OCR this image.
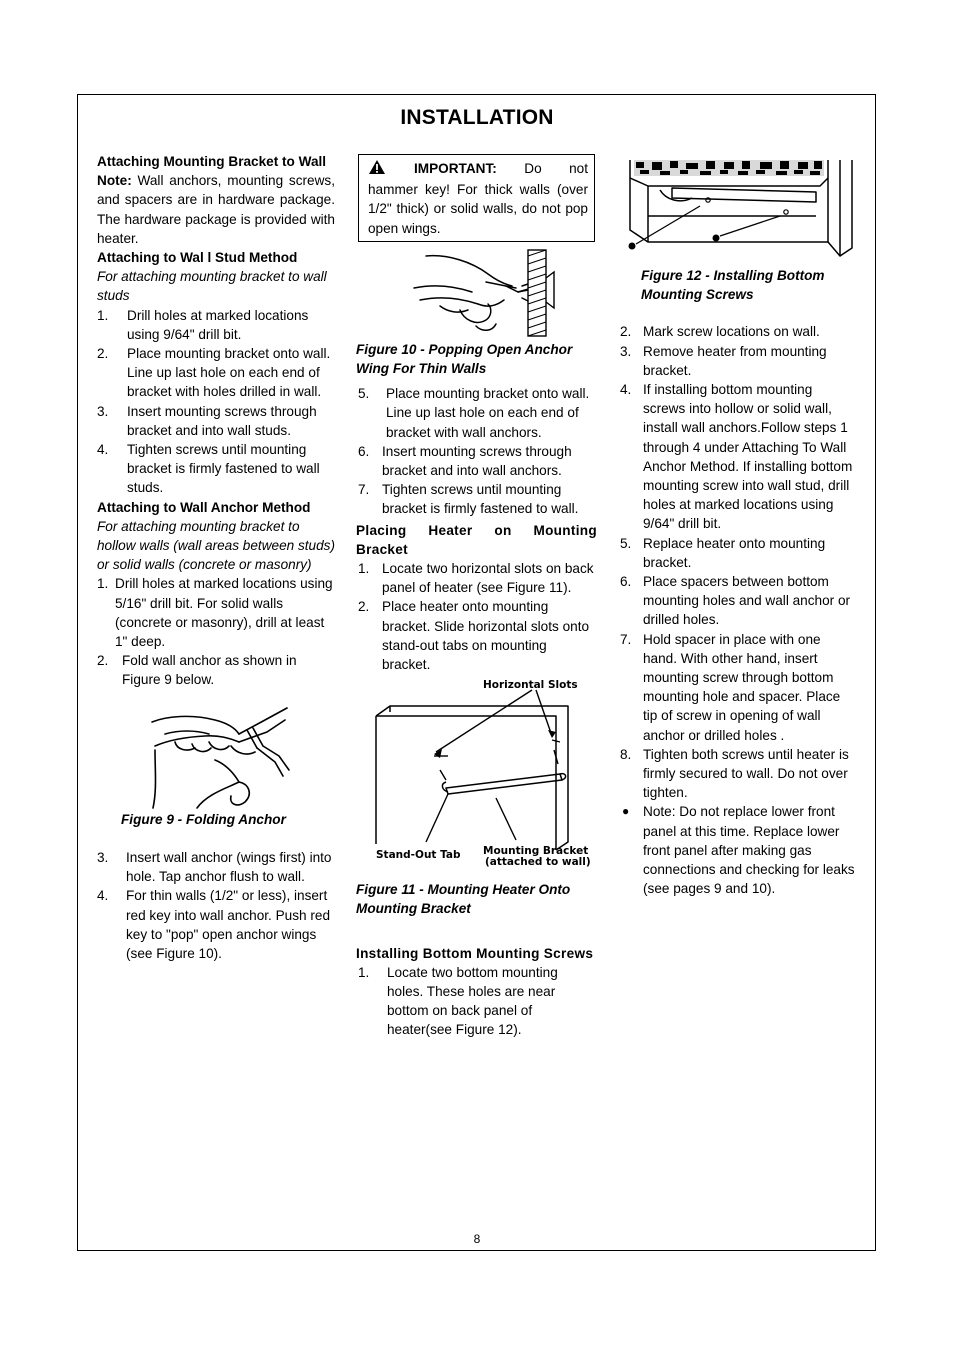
INSTALLATION

Attaching Mounting Bracket to Wall

Note: Wall anchors, mounting screws, and spacers are in hardware package. The hardware package is provided with heater.

Attaching to Wal l Stud Method

For attaching mounting bracket to wall studs

1. Drill holes at marked locations using 9/64" drill bit.
2. Place mounting bracket onto wall. Line up last hole on each end of bracket with holes drilled in wall.
3. Insert mounting screws through bracket and into wall studs.
4. Tighten screws until mounting bracket is firmly fastened to wall studs.

Attaching to Wall Anchor Method

For attaching mounting bracket to hollow walls (wall areas between studs) or solid walls (concrete or masonry)

1. Drill holes at marked locations using 5/16" drill bit. For solid walls (concrete or masonry), drill at least 1" deep.
2. Fold wall anchor as shown in Figure 9 below.

Figure 9 - Folding Anchor

3. Insert wall anchor (wings first) into hole. Tap anchor flush to wall.
4. For thin walls (1/2" or less), insert red key into wall anchor. Push red key to "pop" open anchor wings (see Figure 10).
IMPORTANT: Do not hammer key! For thick walls (over 1/2" thick) or solid walls, do not pop open wings.

Figure 10 - Popping Open Anchor Wing For Thin Walls

5. Place mounting bracket onto wall. Line up last hole on each end of bracket with wall anchors.
6. Insert mounting screws through bracket and into wall anchors.
7. Tighten screws until mounting bracket is firmly fastened to wall.

Placing Heater on Mounting Bracket

1. Locate two horizontal slots on back panel of heater (see Figure 11).
2. Place heater onto mounting bracket. Slide horizontal slots onto stand-out tabs on mounting bracket.
Horizontal Slots
Stand-Out Tab Mounting Bracket
(attached to wall)

Figure 11 - Mounting Heater Onto Mounting Bracket

Installing Bottom Mounting Screws

1. Locate two bottom mounting holes. These holes are near bottom on back panel of heater(see Figure 12).

Figure 12 - Installing Bottom Mounting Screws

2. Mark screw locations on wall.
3. Remove heater from mounting bracket.
4. If installing bottom mounting screws into hollow or solid wall, install wall anchors.Follow steps 1 through 4 under Attaching To Wall Anchor Method. If installing bottom mounting screw into wall stud, drill holes at marked locations using 9/64" drill bit.
5. Replace heater onto mounting bracket.
6. Place spacers between bottom mounting holes and wall anchor or drilled holes.
7. Hold spacer in place with one hand. With other hand, insert mounting screw through bottom mounting hole and spacer. Place tip of screw in opening of wall anchor or drilled holes .
8. Tighten both screws until heater is firmly secured to wall. Do not over tighten.
● Note: Do not replace lower front panel at this time. Replace lower front panel after making gas connections and checking for leaks (see pages 9 and 10).
8
